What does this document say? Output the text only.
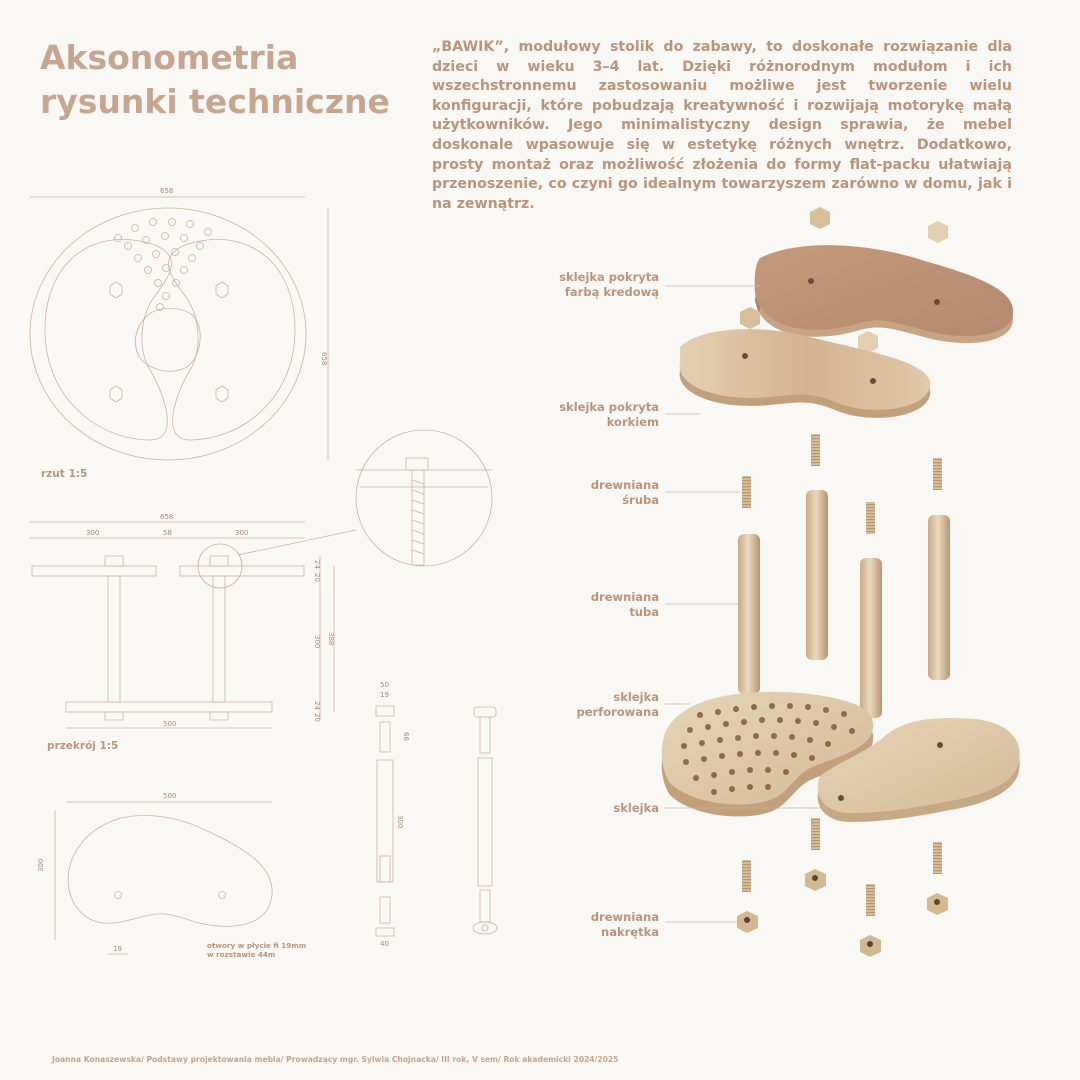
Aksonometria
rysunki techniczne
„BAWIK”, modułowy stolik do zabawy, to doskonałe rozwiązanie dla dzieci w wieku 3–4 lat. Dzięki różnorodnym modułom i ich wszechstronnemu zastosowaniu możliwe jest tworzenie wielu konfiguracji, które pobudzają kreatywność i rozwijają motorykę małą użytkowników. Jego minimalistyczny design sprawia, że mebel doskonale wpasowuje się w estetykę różnych wnętrz. Dodatkowo, prosty montaż oraz możliwość złożenia do formy flat-packu ułatwiają przenoszenie, co czyni go idealnym towarzyszem zarówno w domu, jak i na zewnątrz.
658
658
658
300	58	300
24
20
300 388
24
20
500
500
300
19
50
19
66
300
40
rzut 1:5
przekrój 1:5
otwory w płycie fi 19mm
w rozstawie 44m
sklejka pokryta
farbą kredową
sklejka pokryta
korkiem
drewniana
śruba
drewniana
tuba
sklejka
perforowana
sklejka
drewniana
nakrętka
Joanna Konaszewska/ Podstawy projektowania mebla/ Prowadzący mgr. Sylwia Chojnacka/ III rok, V sem/ Rok akademicki 2024/2025
